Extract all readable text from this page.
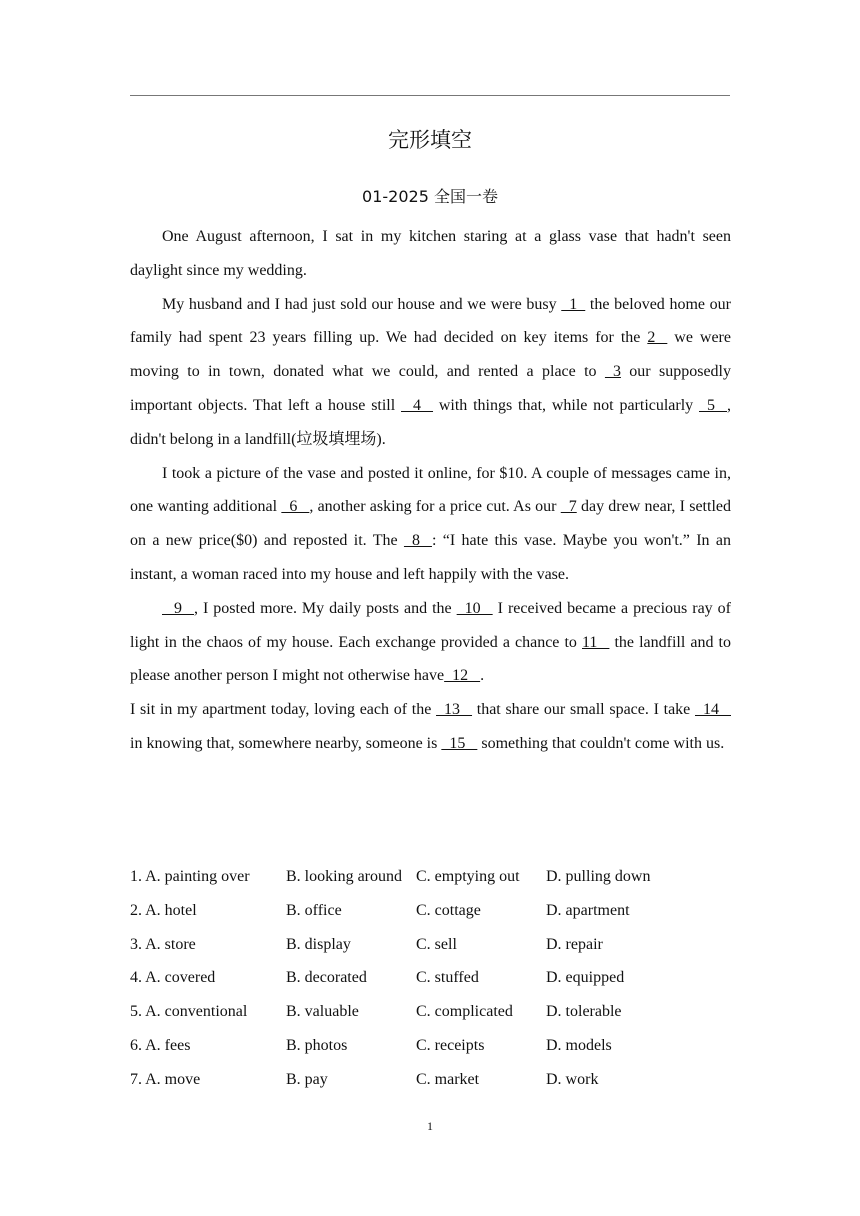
完形填空
01-2025 全国一卷

One August afternoon, I sat in my kitchen staring at a glass vase that hadn't seen daylight since my wedding.

My husband and I had just sold our house and we were busy   1   the beloved home our family had spent 23 years filling up. We had decided on key items for the 2    we were moving to in town, donated what we could, and rented a place to   3 our supposedly important objects. That left a house still    4    with things that, while not particularly   5   , didn't belong in a landfill(垃圾填埋场).

I took a picture of the vase and posted it online, for $10. A couple of messages came in, one wanting additional   6   , another asking for a price cut. As our   7 day drew near, I settled on a new price($0) and reposted it. The   8   : “I hate this vase. Maybe you won't.” In an instant, a woman raced into my house and left happily with the vase.

9   , I posted more. My daily posts and the   10    I received became a precious ray of light in the chaos of my house. Each exchange provided a chance to 11    the landfill and to please another person I might not otherwise have  12   .

I sit in my apartment today, loving each of the   13    that share our small space. I take   14    in knowing that, somewhere nearby, someone is   15    something that couldn't come with us.

1. A. painting over B. looking around C. emptying out D. pulling down
2. A. hotel	B. office	C. cottage	D. apartment
3. A. store	B. display	C. sell	D. repair
4. A. covered	B. decorated	C. stuffed	D. equipped
5. A. conventional B. valuable	C. complicated D. tolerable
6. A. fees	B. photos	C. receipts	D. models
7. A. move	B. pay	C. market	D. work
1
